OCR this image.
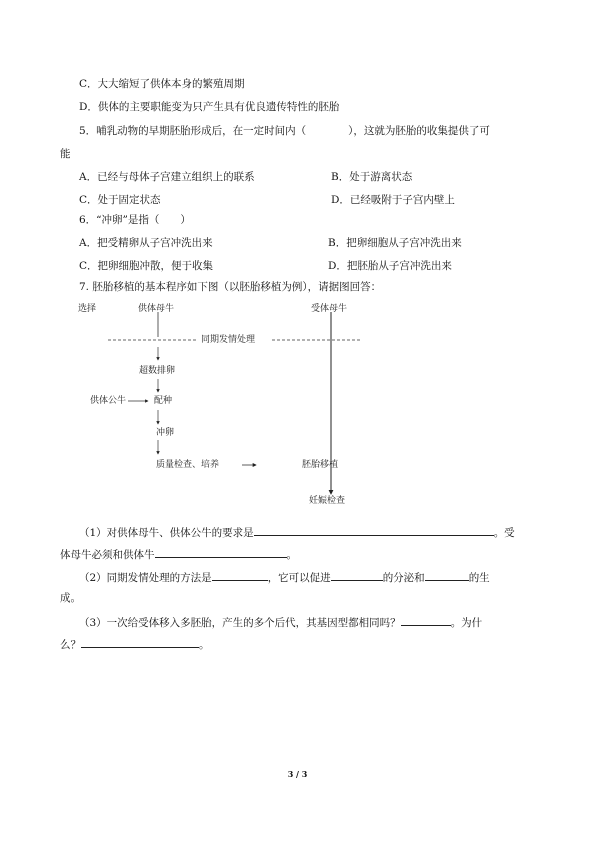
C．大大缩短了供体本身的繁殖周期
D．供体的主要职能变为只产生具有优良遗传特性的胚胎
5．哺乳动物的早期胚胎形成后，在一定时间内（　　　　），这就为胚胎的收集提供了可
能
A．已经与母体子宫建立组织上的联系	B．处于游离状态
C．处于固定状态	D．已经吸附于子宫内壁上
6．“冲卵”是指（　　）
A．把受精卵从子宫冲洗出来	B．把卵细胞从子宫冲洗出来
C．把卵细胞冲散，便于收集	D．把胚胎从子宫冲洗出来
7. 胚胎移植的基本程序如下图（以胚胎移植为例），请据图回答：
选择	供体母牛	受体母牛
同期发情处理
超数排卵
供体公牛	配种
冲卵
质量检查、培养	胚胎移植
妊娠检查
（1）对供体母牛、供体公牛的要求是	。受
体母牛必须和供体牛	。
（2）同期发情处理的方法是	，它可以促进	的分泌和	的生
成。
（3）一次给受体移入多胚胎，产生的多个后代，其基因型都相同吗？	。为什
么？	。
3 / 3
